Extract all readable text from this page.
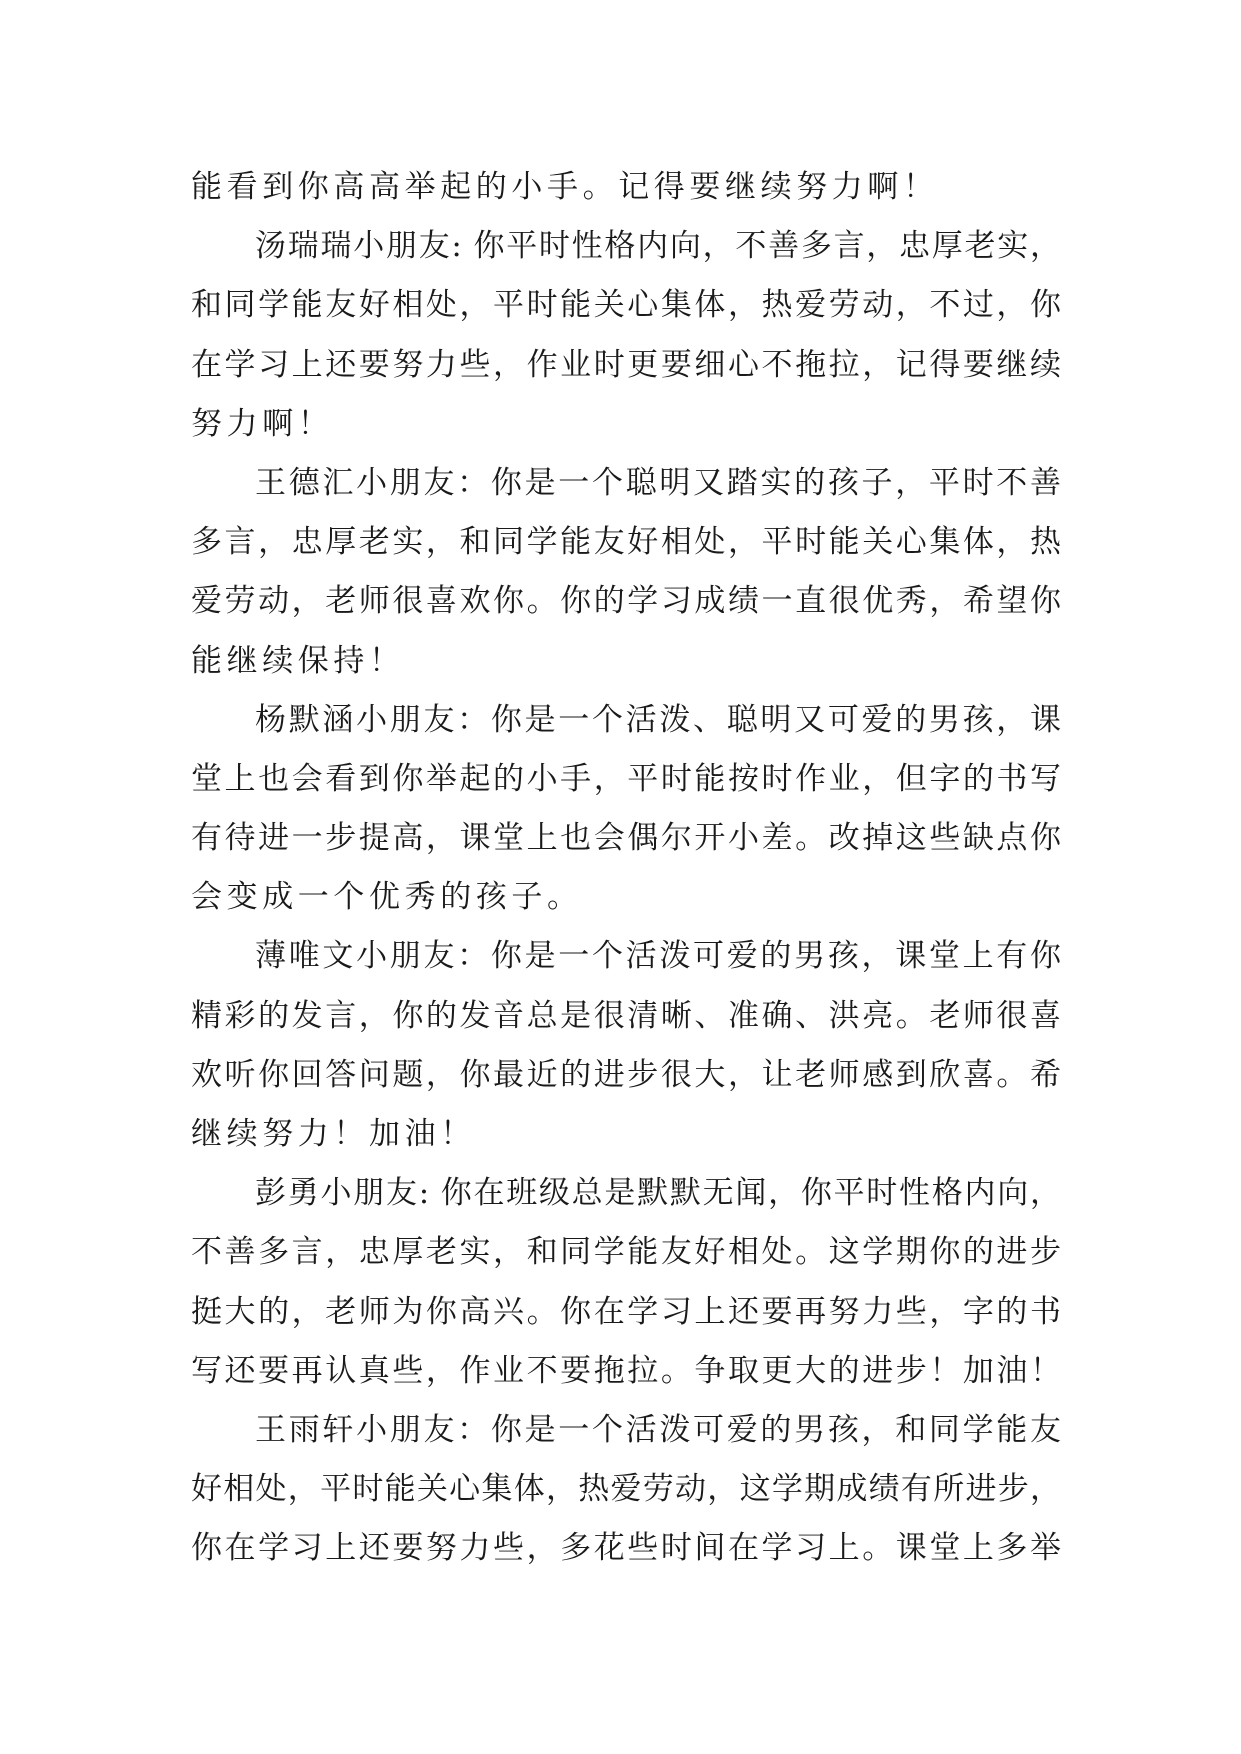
能看到你高高举起的小手。记得要继续努力啊！
汤瑞瑞小朋友: 你平时性格内向，不善多言，忠厚老实，
和同学能友好相处，平时能关心集体，热爱劳动，不过，你
在学习上还要努力些，作业时更要细心不拖拉，记得要继续
努力啊！
王德汇小朋友：你是一个聪明又踏实的孩子，平时不善
多言，忠厚老实，和同学能友好相处，平时能关心集体，热
爱劳动，老师很喜欢你。你的学习成绩一直很优秀，希望你
能继续保持！
杨默涵小朋友：你是一个活泼、聪明又可爱的男孩，课
堂上也会看到你举起的小手，平时能按时作业，但字的书写
有待进一步提高，课堂上也会偶尔开小差。改掉这些缺点你
会变成一个优秀的孩子。
薄唯文小朋友：你是一个活泼可爱的男孩，课堂上有你
精彩的发言，你的发音总是很清晰、准确、洪亮。老师很喜
欢听你回答问题，你最近的进步很大，让老师感到欣喜。希
继续努力！加油！
彭勇小朋友: 你在班级总是默默无闻，你平时性格内向，
不善多言，忠厚老实，和同学能友好相处。这学期你的进步
挺大的，老师为你高兴。你在学习上还要再努力些，字的书
写还要再认真些，作业不要拖拉。争取更大的进步！加油！
王雨轩小朋友：你是一个活泼可爱的男孩，和同学能友
好相处，平时能关心集体，热爱劳动，这学期成绩有所进步，
你在学习上还要努力些，多花些时间在学习上。课堂上多举
